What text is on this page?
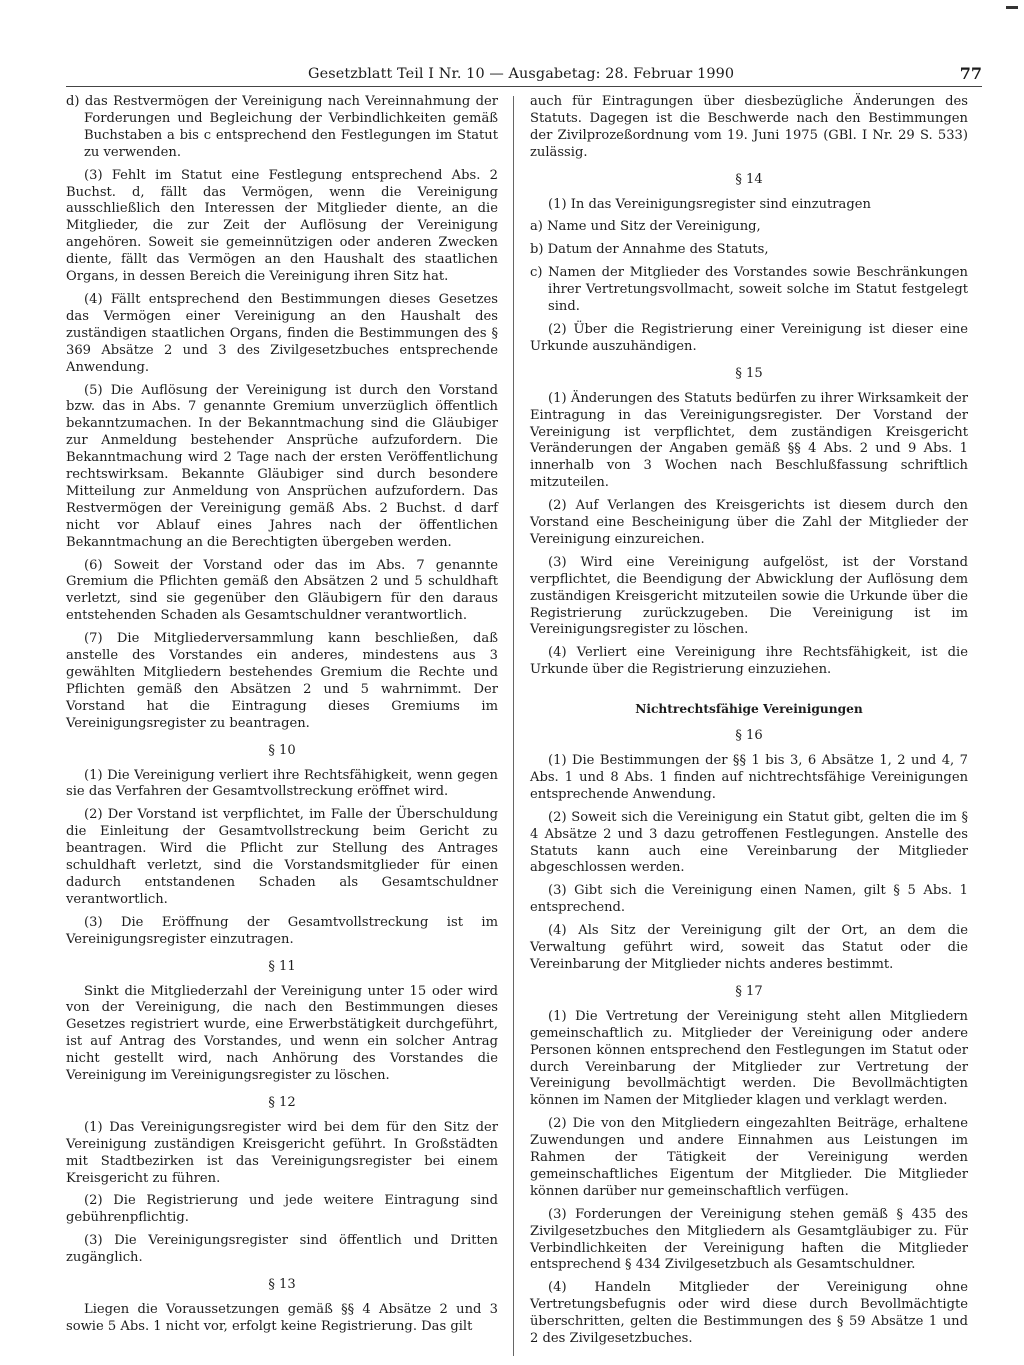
Gesetzblatt Teil I Nr. 10 — Ausgabetag: 28. Februar 1990	77

d) das Restvermögen der Vereinigung nach Vereinnahmung der Forderungen und Begleichung der Verbindlichkeiten gemäß Buchstaben a bis c entsprechend den Festlegungen im Statut zu verwenden.

(3) Fehlt im Statut eine Festlegung entsprechend Abs. 2 Buchst. d, fällt das Vermögen, wenn die Vereinigung ausschließlich den Interessen der Mitglieder diente, an die Mitglieder, die zur Zeit der Auflösung der Vereinigung angehören. Soweit sie gemeinnützigen oder anderen Zwecken diente, fällt das Vermögen an den Haushalt des staatlichen Organs, in dessen Bereich die Vereinigung ihren Sitz hat.

(4) Fällt entsprechend den Bestimmungen dieses Gesetzes das Vermögen einer Vereinigung an den Haushalt des zuständigen staatlichen Organs, finden die Bestimmungen des § 369 Absätze 2 und 3 des Zivilgesetzbuches entsprechende Anwendung.

(5) Die Auflösung der Vereinigung ist durch den Vorstand bzw. das in Abs. 7 genannte Gremium unverzüglich öffentlich bekanntzumachen. In der Bekanntmachung sind die Gläubiger zur Anmeldung bestehender Ansprüche aufzufordern. Die Bekanntmachung wird 2 Tage nach der ersten Veröffentlichung rechtswirksam. Bekannte Gläubiger sind durch besondere Mitteilung zur Anmeldung von Ansprüchen aufzufordern. Das Restvermögen der Vereinigung gemäß Abs. 2 Buchst. d darf nicht vor Ablauf eines Jahres nach der öffentlichen Bekanntmachung an die Berechtigten übergeben werden.

(6) Soweit der Vorstand oder das im Abs. 7 genannte Gremium die Pflichten gemäß den Absätzen 2 und 5 schuldhaft verletzt, sind sie gegenüber den Gläubigern für den daraus entstehenden Schaden als Gesamtschuldner verantwortlich.

(7) Die Mitgliederversammlung kann beschließen, daß anstelle des Vorstandes ein anderes, mindestens aus 3 gewählten Mitgliedern bestehendes Gremium die Rechte und Pflichten gemäß den Absätzen 2 und 5 wahrnimmt. Der Vorstand hat die Eintragung dieses Gremiums im Vereinigungsregister zu beantragen.

§ 10

(1) Die Vereinigung verliert ihre Rechtsfähigkeit, wenn gegen sie das Verfahren der Gesamtvollstreckung eröffnet wird.

(2) Der Vorstand ist verpflichtet, im Falle der Überschuldung die Einleitung der Gesamtvollstreckung beim Gericht zu beantragen. Wird die Pflicht zur Stellung des Antrages schuldhaft verletzt, sind die Vorstandsmitglieder für einen dadurch entstandenen Schaden als Gesamtschuldner verantwortlich.

(3) Die Eröffnung der Gesamtvollstreckung ist im Vereinigungsregister einzutragen.

§ 11

Sinkt die Mitgliederzahl der Vereinigung unter 15 oder wird von der Vereinigung, die nach den Bestimmungen dieses Gesetzes registriert wurde, eine Erwerbstätigkeit durchgeführt, ist auf Antrag des Vorstandes, und wenn ein solcher Antrag nicht gestellt wird, nach Anhörung des Vorstandes die Vereinigung im Vereinigungsregister zu löschen.

§ 12

(1) Das Vereinigungsregister wird bei dem für den Sitz der Vereinigung zuständigen Kreisgericht geführt. In Großstädten mit Stadtbezirken ist das Vereinigungsregister bei einem Kreisgericht zu führen.

(2) Die Registrierung und jede weitere Eintragung sind gebührenpflichtig.

(3) Die Vereinigungsregister sind öffentlich und Dritten zugänglich.

§ 13

Liegen die Voraussetzungen gemäß §§ 4 Absätze 2 und 3 sowie 5 Abs. 1 nicht vor, erfolgt keine Registrierung. Das gilt

auch für Eintragungen über diesbezügliche Änderungen des Statuts. Dagegen ist die Beschwerde nach den Bestimmungen der Zivilprozeßordnung vom 19. Juni 1975 (GBl. I Nr. 29 S. 533) zulässig.

§ 14

(1) In das Vereinigungsregister sind einzutragen

a) Name und Sitz der Vereinigung,

b) Datum der Annahme des Statuts,

c) Namen der Mitglieder des Vorstandes sowie Beschränkungen ihrer Vertretungsvollmacht, soweit solche im Statut festgelegt sind.

(2) Über die Registrierung einer Vereinigung ist dieser eine Urkunde auszuhändigen.

§ 15

(1) Änderungen des Statuts bedürfen zu ihrer Wirksamkeit der Eintragung in das Vereinigungsregister. Der Vorstand der Vereinigung ist verpflichtet, dem zuständigen Kreisgericht Veränderungen der Angaben gemäß §§ 4 Abs. 2 und 9 Abs. 1 innerhalb von 3 Wochen nach Beschlußfassung schriftlich mitzuteilen.

(2) Auf Verlangen des Kreisgerichts ist diesem durch den Vorstand eine Bescheinigung über die Zahl der Mitglieder der Vereinigung einzureichen.

(3) Wird eine Vereinigung aufgelöst, ist der Vorstand verpflichtet, die Beendigung der Abwicklung der Auflösung dem zuständigen Kreisgericht mitzuteilen sowie die Urkunde über die Registrierung zurückzugeben. Die Vereinigung ist im Vereinigungsregister zu löschen.

(4) Verliert eine Vereinigung ihre Rechtsfähigkeit, ist die Urkunde über die Registrierung einzuziehen.

Nichtrechtsfähige Vereinigungen
§ 16

(1) Die Bestimmungen der §§ 1 bis 3, 6 Absätze 1, 2 und 4, 7 Abs. 1 und 8 Abs. 1 finden auf nichtrechtsfähige Vereinigungen entsprechende Anwendung.

(2) Soweit sich die Vereinigung ein Statut gibt, gelten die im § 4 Absätze 2 und 3 dazu getroffenen Festlegungen. Anstelle des Statuts kann auch eine Vereinbarung der Mitglieder abgeschlossen werden.

(3) Gibt sich die Vereinigung einen Namen, gilt § 5 Abs. 1 entsprechend.

(4) Als Sitz der Vereinigung gilt der Ort, an dem die Verwaltung geführt wird, soweit das Statut oder die Vereinbarung der Mitglieder nichts anderes bestimmt.

§ 17

(1) Die Vertretung der Vereinigung steht allen Mitgliedern gemeinschaftlich zu. Mitglieder der Vereinigung oder andere Personen können entsprechend den Festlegungen im Statut oder durch Vereinbarung der Mitglieder zur Vertretung der Vereinigung bevollmächtigt werden. Die Bevollmächtigten können im Namen der Mitglieder klagen und verklagt werden.

(2) Die von den Mitgliedern eingezahlten Beiträge, erhaltene Zuwendungen und andere Einnahmen aus Leistungen im Rahmen der Tätigkeit der Vereinigung werden gemeinschaftliches Eigentum der Mitglieder. Die Mitglieder können darüber nur gemeinschaftlich verfügen.

(3) Forderungen der Vereinigung stehen gemäß § 435 des Zivilgesetzbuches den Mitgliedern als Gesamtgläubiger zu. Für Verbindlichkeiten der Vereinigung haften die Mitglieder entsprechend § 434 Zivilgesetzbuch als Gesamtschuldner.

(4) Handeln Mitglieder der Vereinigung ohne Vertretungsbefugnis oder wird diese durch Bevollmächtigte überschritten, gelten die Bestimmungen des § 59 Absätze 1 und 2 des Zivilgesetzbuches.
